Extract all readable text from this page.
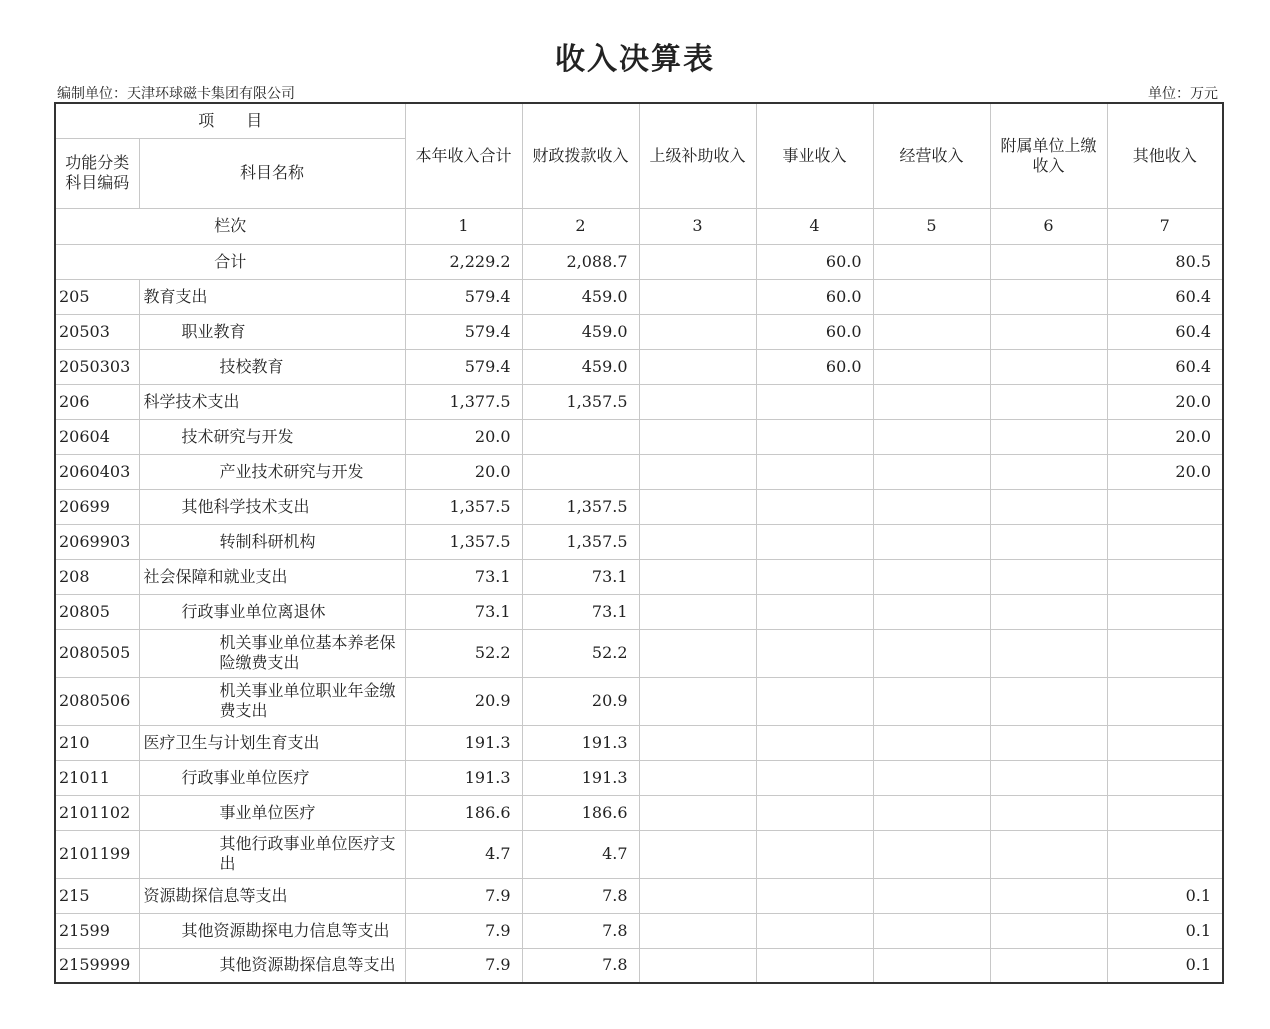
收入决算表
编制单位：天津环球磁卡集团有限公司	单位：万元
项　　目		本年收入合计	财政拨款收入	上级补助收入	事业收入	经营收入	附属单位上缴收入	其他收入
功能分类科目编码	科目名称							
栏次		1	2	3	4	5	6	7
合计		2,229.2	2,088.7		60.0			80.5
205	教育支出	579.4	459.0		60.0			60.4
20503	职业教育	579.4	459.0		60.0			60.4
2050303	技校教育	579.4	459.0		60.0			60.4
206	科学技术支出	1,377.5	1,357.5					20.0
20604	技术研究与开发	20.0						20.0
2060403	产业技术研究与开发	20.0						20.0
20699	其他科学技术支出	1,357.5	1,357.5					
2069903	转制科研机构	1,357.5	1,357.5					
208	社会保障和就业支出	73.1	73.1					
20805	行政事业单位离退休	73.1	73.1					
2080505	机关事业单位基本养老保险缴费支出	52.2	52.2					
2080506	机关事业单位职业年金缴费支出	20.9	20.9					
210	医疗卫生与计划生育支出	191.3	191.3					
21011	行政事业单位医疗	191.3	191.3					
2101102	事业单位医疗	186.6	186.6					
2101199	其他行政事业单位医疗支出	4.7	4.7					
215	资源勘探信息等支出	7.9	7.8					0.1
21599	其他资源勘探电力信息等支出	7.9	7.8					0.1
2159999	其他资源勘探信息等支出	7.9	7.8					0.1
